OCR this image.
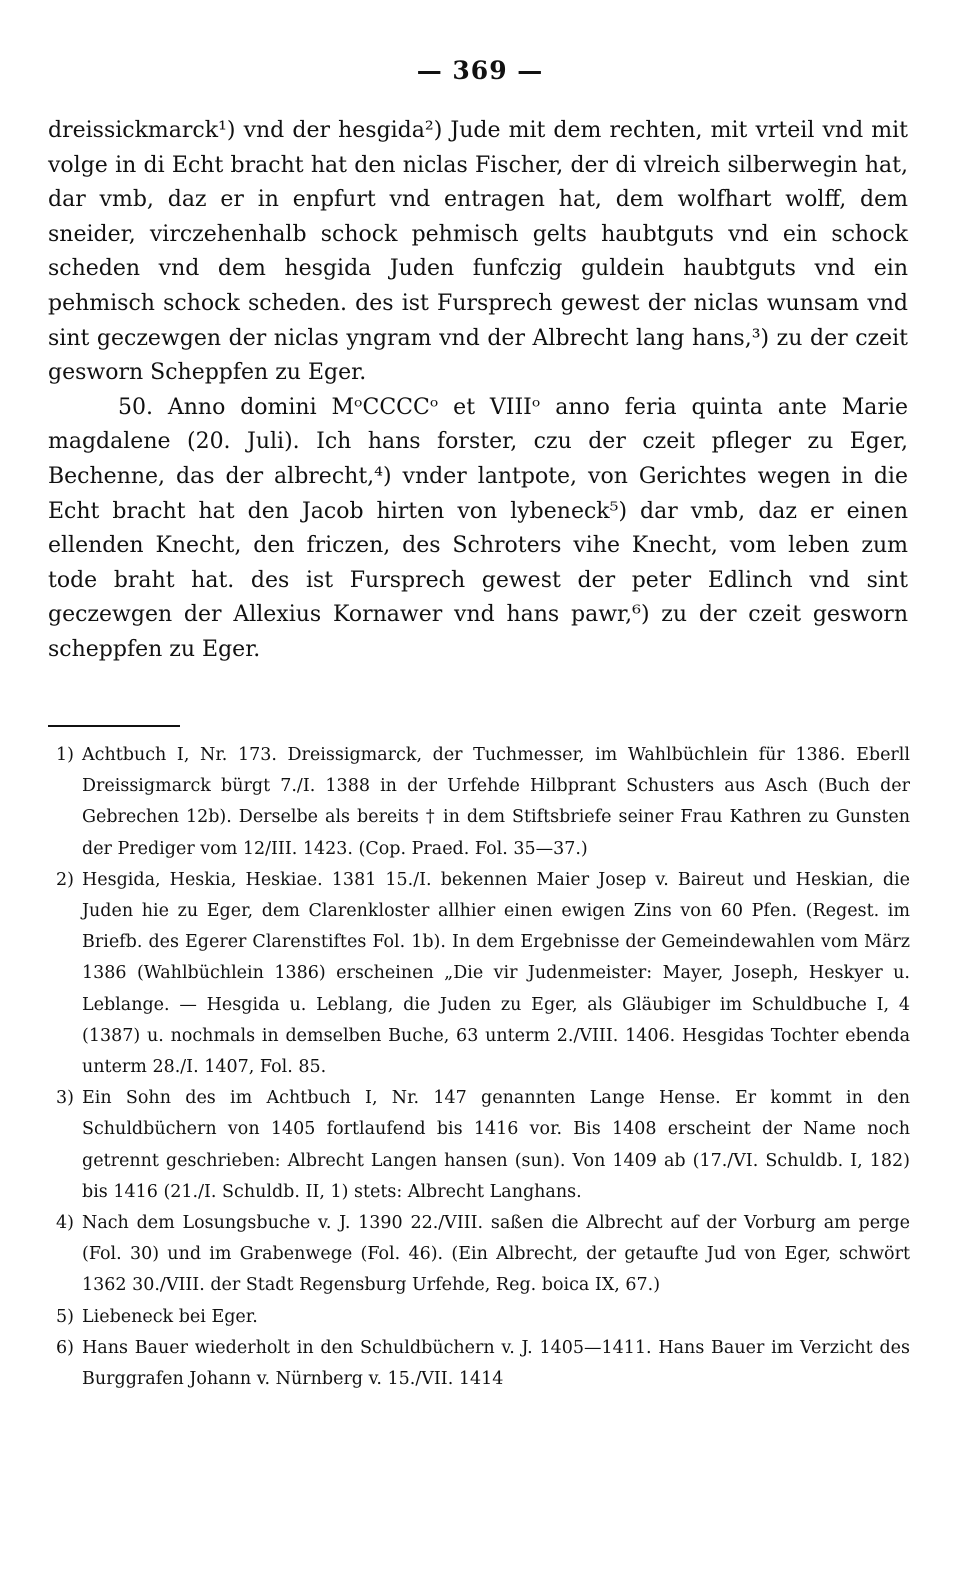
— 369 —

dreissickmarck¹) vnd der hesgida²) Jude mit dem rechten, mit vrteil vnd mit volge in di Echt bracht hat den niclas Fischer, der di vlreich silberwegin hat, dar vmb, daz er in enpfurt vnd entragen hat, dem wolfhart wolff, dem sneider, virczehenhalb schock pehmisch gelts haubtguts vnd ein schock scheden vnd dem hesgida Juden funfczig guldein haubtguts vnd ein pehmisch schock scheden. des ist Fursprech gewest der niclas wunsam vnd sint geczewgen der niclas yngram vnd der Albrecht lang hans,³) zu der czeit gesworn Scheppfen zu Eger.

50. Anno domini MᵒCCCCᵒ et VIIIᵒ anno feria quinta ante Marie magdalene (20. Juli). Ich hans forster, czu der czeit pfleger zu Eger, Bechenne, das der albrecht,⁴) vnder lantpote, von Gerichtes wegen in die Echt bracht hat den Jacob hirten von lybeneck⁵) dar vmb, daz er einen ellenden Knecht, den friczen, des Schroters vihe Knecht, vom leben zum tode braht hat. des ist Fursprech gewest der peter Edlinch vnd sint geczewgen der Allexius Kornawer vnd hans pawr,⁶) zu der czeit gesworn scheppfen zu Eger.

1) Achtbuch I, Nr. 173. Dreissigmarck, der Tuchmesser, im Wahlbüchlein für 1386. Eberll Dreissigmarck bürgt 7./I. 1388 in der Urfehde Hilbprant Schusters aus Asch (Buch der Gebrechen 12b). Derselbe als bereits † in dem Stiftsbriefe seiner Frau Kathren zu Gunsten der Prediger vom 12/III. 1423. (Cop. Praed. Fol. 35—37.)
2) Hesgida, Heskia, Heskiae. 1381 15./I. bekennen Maier Josep v. Baireut und Heskian, die Juden hie zu Eger, dem Clarenkloster allhier einen ewigen Zins von 60 Pfen. (Regest. im Briefb. des Egerer Clarenstiftes Fol. 1b). In dem Ergebnisse der Gemeindewahlen vom März 1386 (Wahlbüchlein 1386) erscheinen „Die vir Judenmeister: Mayer, Joseph, Heskyer u. Leblange. — Hesgida u. Leblang, die Juden zu Eger, als Gläubiger im Schuldbuche I, 4 (1387) u. nochmals in demselben Buche, 63 unterm 2./VIII. 1406. Hesgidas Tochter ebenda unterm 28./I. 1407, Fol. 85.
3) Ein Sohn des im Achtbuch I, Nr. 147 genannten Lange Hense. Er kommt in den Schuldbüchern von 1405 fortlaufend bis 1416 vor. Bis 1408 erscheint der Name noch getrennt geschrieben: Albrecht Langen hansen (sun). Von 1409 ab (17./VI. Schuldb. I, 182) bis 1416 (21./I. Schuldb. II, 1) stets: Albrecht Langhans.
4) Nach dem Losungsbuche v. J. 1390 22./VIII. saßen die Albrecht auf der Vorburg am perge (Fol. 30) und im Grabenwege (Fol. 46). (Ein Albrecht, der getaufte Jud von Eger, schwört 1362 30./VIII. der Stadt Regensburg Urfehde, Reg. boica IX, 67.)
5) Liebeneck bei Eger.
6) Hans Bauer wiederholt in den Schuldbüchern v. J. 1405—1411. Hans Bauer im Verzicht des Burggrafen Johann v. Nürnberg v. 15./VII. 1414
